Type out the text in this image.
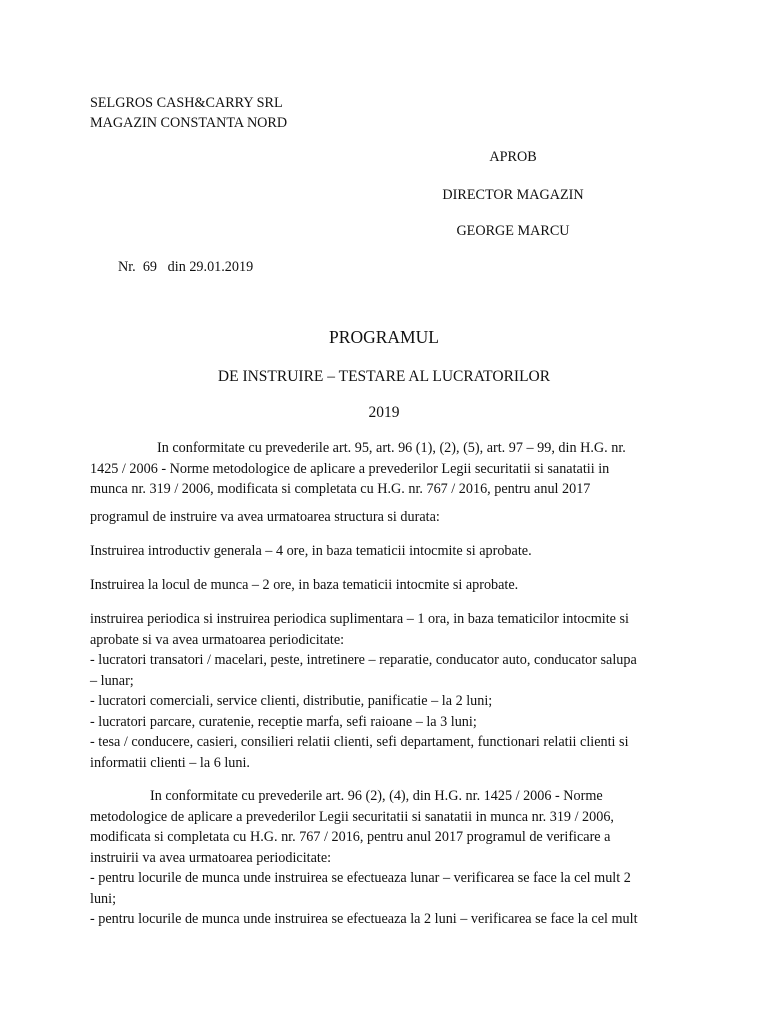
SELGROS CASH&CARRY SRL
MAGAZIN CONSTANTA NORD
APROB
DIRECTOR MAGAZIN
GEORGE MARCU
Nr.  69   din 29.01.2019
PROGRAMUL
DE INSTRUIRE – TESTARE AL LUCRATORILOR
2019
In conformitate cu prevederile art. 95, art. 96 (1), (2), (5), art. 97 – 99, din H.G. nr.
1425 / 2006 - Norme metodologice de aplicare a prevederilor Legii securitatii si sanatatii in
munca nr. 319 / 2006, modificata si completata cu H.G. nr. 767 / 2016, pentru anul 2017
programul de instruire va avea urmatoarea structura si durata:
Instruirea introductiv generala – 4 ore, in baza tematicii intocmite si aprobate.
Instruirea la locul de munca – 2 ore, in baza tematicii intocmite si aprobate.
instruirea periodica si instruirea periodica suplimentara – 1 ora, in baza tematicilor intocmite si
aprobate si va avea urmatoarea periodicitate:
- lucratori transatori / macelari, peste, intretinere – reparatie, conducator auto, conducator salupa
– lunar;
- lucratori comerciali, service clienti, distributie, panificatie – la 2 luni;
- lucratori parcare, curatenie, receptie marfa, sefi raioane – la 3 luni;
- tesa / conducere, casieri, consilieri relatii clienti, sefi departament, functionari relatii clienti si
informatii clienti – la 6 luni.
In conformitate cu prevederile art. 96 (2), (4), din H.G. nr. 1425 / 2006 - Norme
metodologice de aplicare a prevederilor Legii securitatii si sanatatii in munca nr. 319 / 2006,
modificata si completata cu H.G. nr. 767 / 2016, pentru anul 2017 programul de verificare a
instruirii va avea urmatoarea periodicitate:
- pentru locurile de munca unde instruirea se efectueaza lunar – verificarea se face la cel mult 2
luni;
- pentru locurile de munca unde instruirea se efectueaza la 2 luni – verificarea se face la cel mult
